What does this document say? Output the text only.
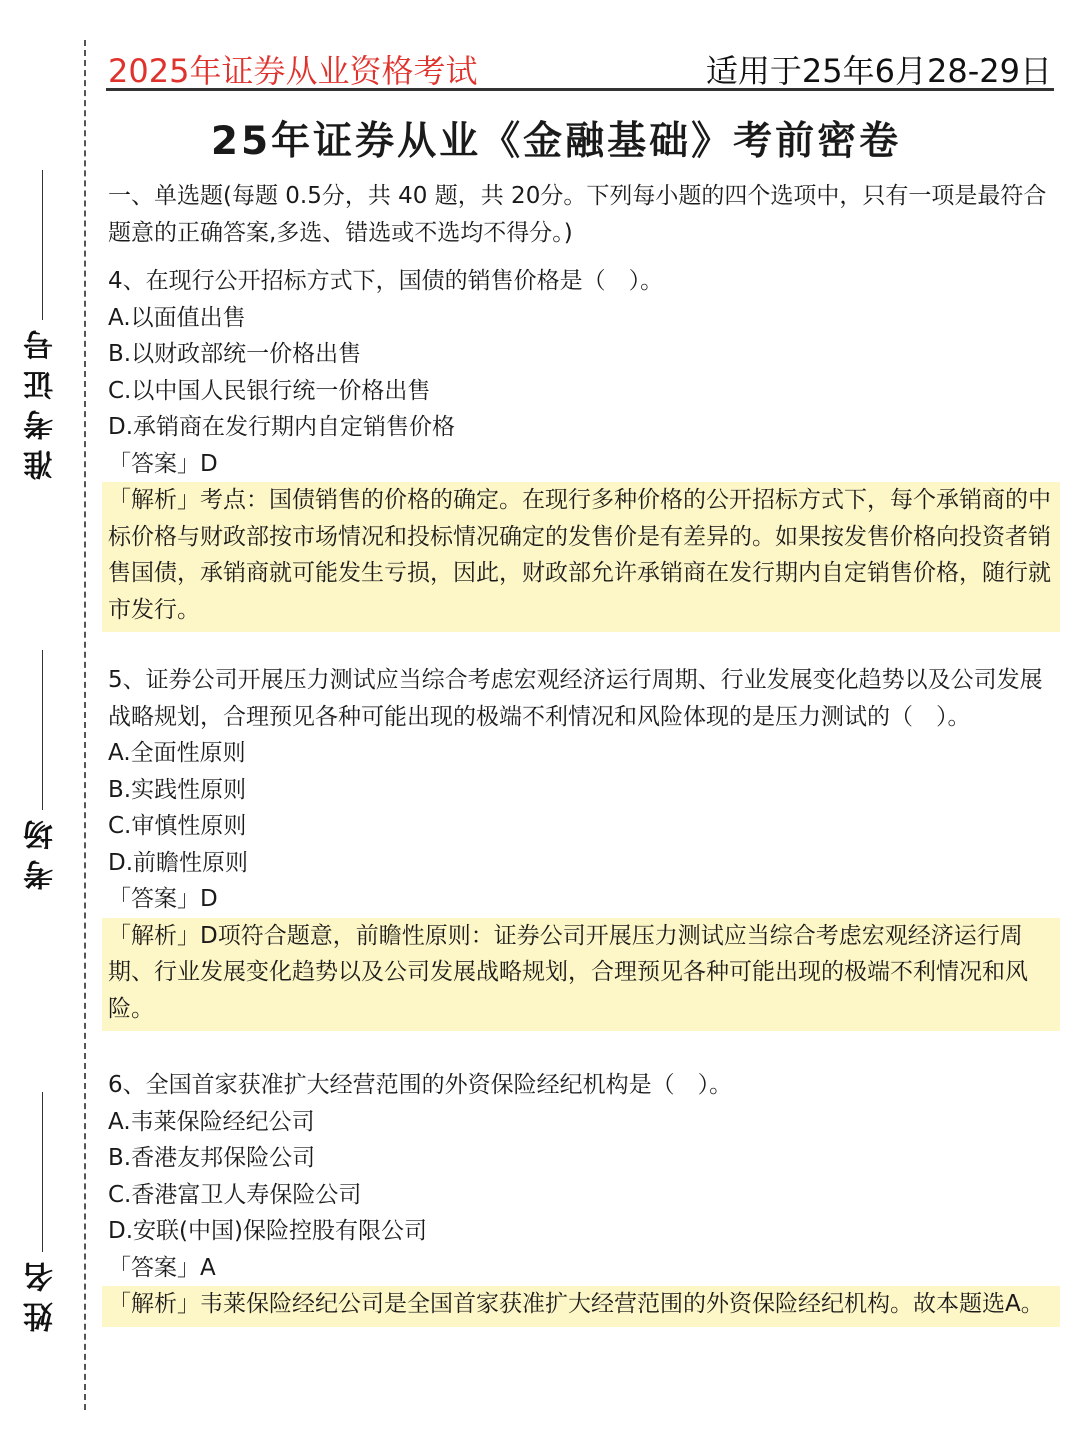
准考证号
考场
姓名
2025年证券从业资格考试	适用于25年6月28-29日
25年证券从业《金融基础》考前密卷

一、单选题(每题 0.5分，共 40 题，共 20分。下列每小题的四个选项中，只有一项是最符合题意的正确答案,多选、错选或不选均不得分。)

4、在现行公开招标方式下，国债的销售价格是（　）。

A.以面值出售

B.以财政部统一价格出售

C.以中国人民银行统一价格出售

D.承销商在发行期内自定销售价格

「答案」D

「解析」考点：国债销售的价格的确定。在现行多种价格的公开招标方式下，每个承销商的中标价格与财政部按市场情况和投标情况确定的发售价是有差异的。如果按发售价格向投资者销售国债，承销商就可能发生亏损，因此，财政部允许承销商在发行期内自定销售价格，随行就市发行。

5、证券公司开展压力测试应当综合考虑宏观经济运行周期、行业发展变化趋势以及公司发展战略规划，合理预见各种可能出现的极端不利情况和风险体现的是压力测试的（　）。

A.全面性原则

B.实践性原则

C.审慎性原则

D.前瞻性原则

「答案」D

「解析」D项符合题意，前瞻性原则：证券公司开展压力测试应当综合考虑宏观经济运行周期、行业发展变化趋势以及公司发展战略规划，合理预见各种可能出现的极端不利情况和风险。

6、全国首家获准扩大经营范围的外资保险经纪机构是（　）。

A.韦莱保险经纪公司

B.香港友邦保险公司

C.香港富卫人寿保险公司

D.安联(中国)保险控股有限公司

「答案」A

「解析」韦莱保险经纪公司是全国首家获准扩大经营范围的外资保险经纪机构。故本题选A。
